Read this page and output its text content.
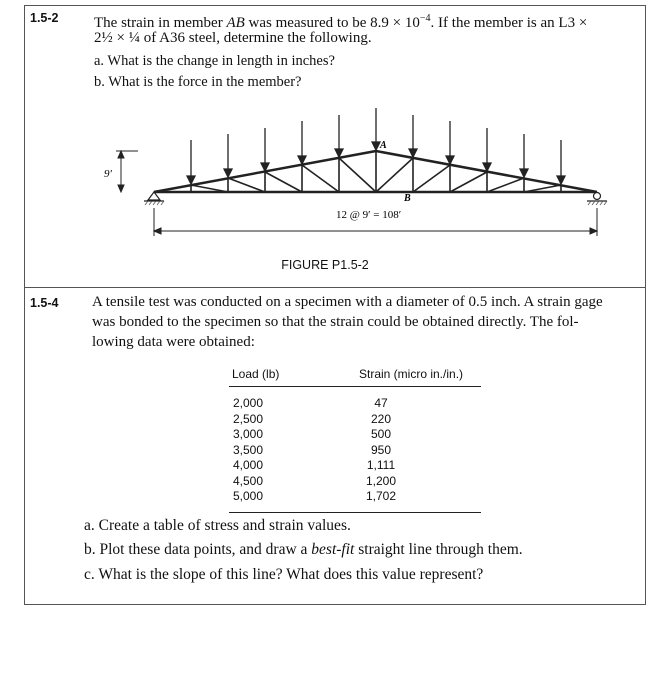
1.5-2 The strain in member AB was measured to be $8.9 \times 10^{-4}$. If the member is an L3 ×
2½ × ¼ of A36 steel, determine the following.
a. What is the change in length in inches?
b. What is the force in the member?
9′
12 @ 9′ = 108′
A
B
FIGURE P1.5-2
1.5-4 A tensile test was conducted on a specimen with a diameter of 0.5 inch. A strain gage
was bonded to the specimen so that the strain could be obtained directly. The fol-
lowing data were obtained:
Load (lb)	Strain (micro in./in.)
2,000
2,500
3,000
3,500
4,000
4,500
5,000
47
220
500
950
1,111
1,200
1,702
a. Create a table of stress and strain values.
b. Plot these data points, and draw a best-fit straight line through them.
c. What is the slope of this line? What does this value represent?
